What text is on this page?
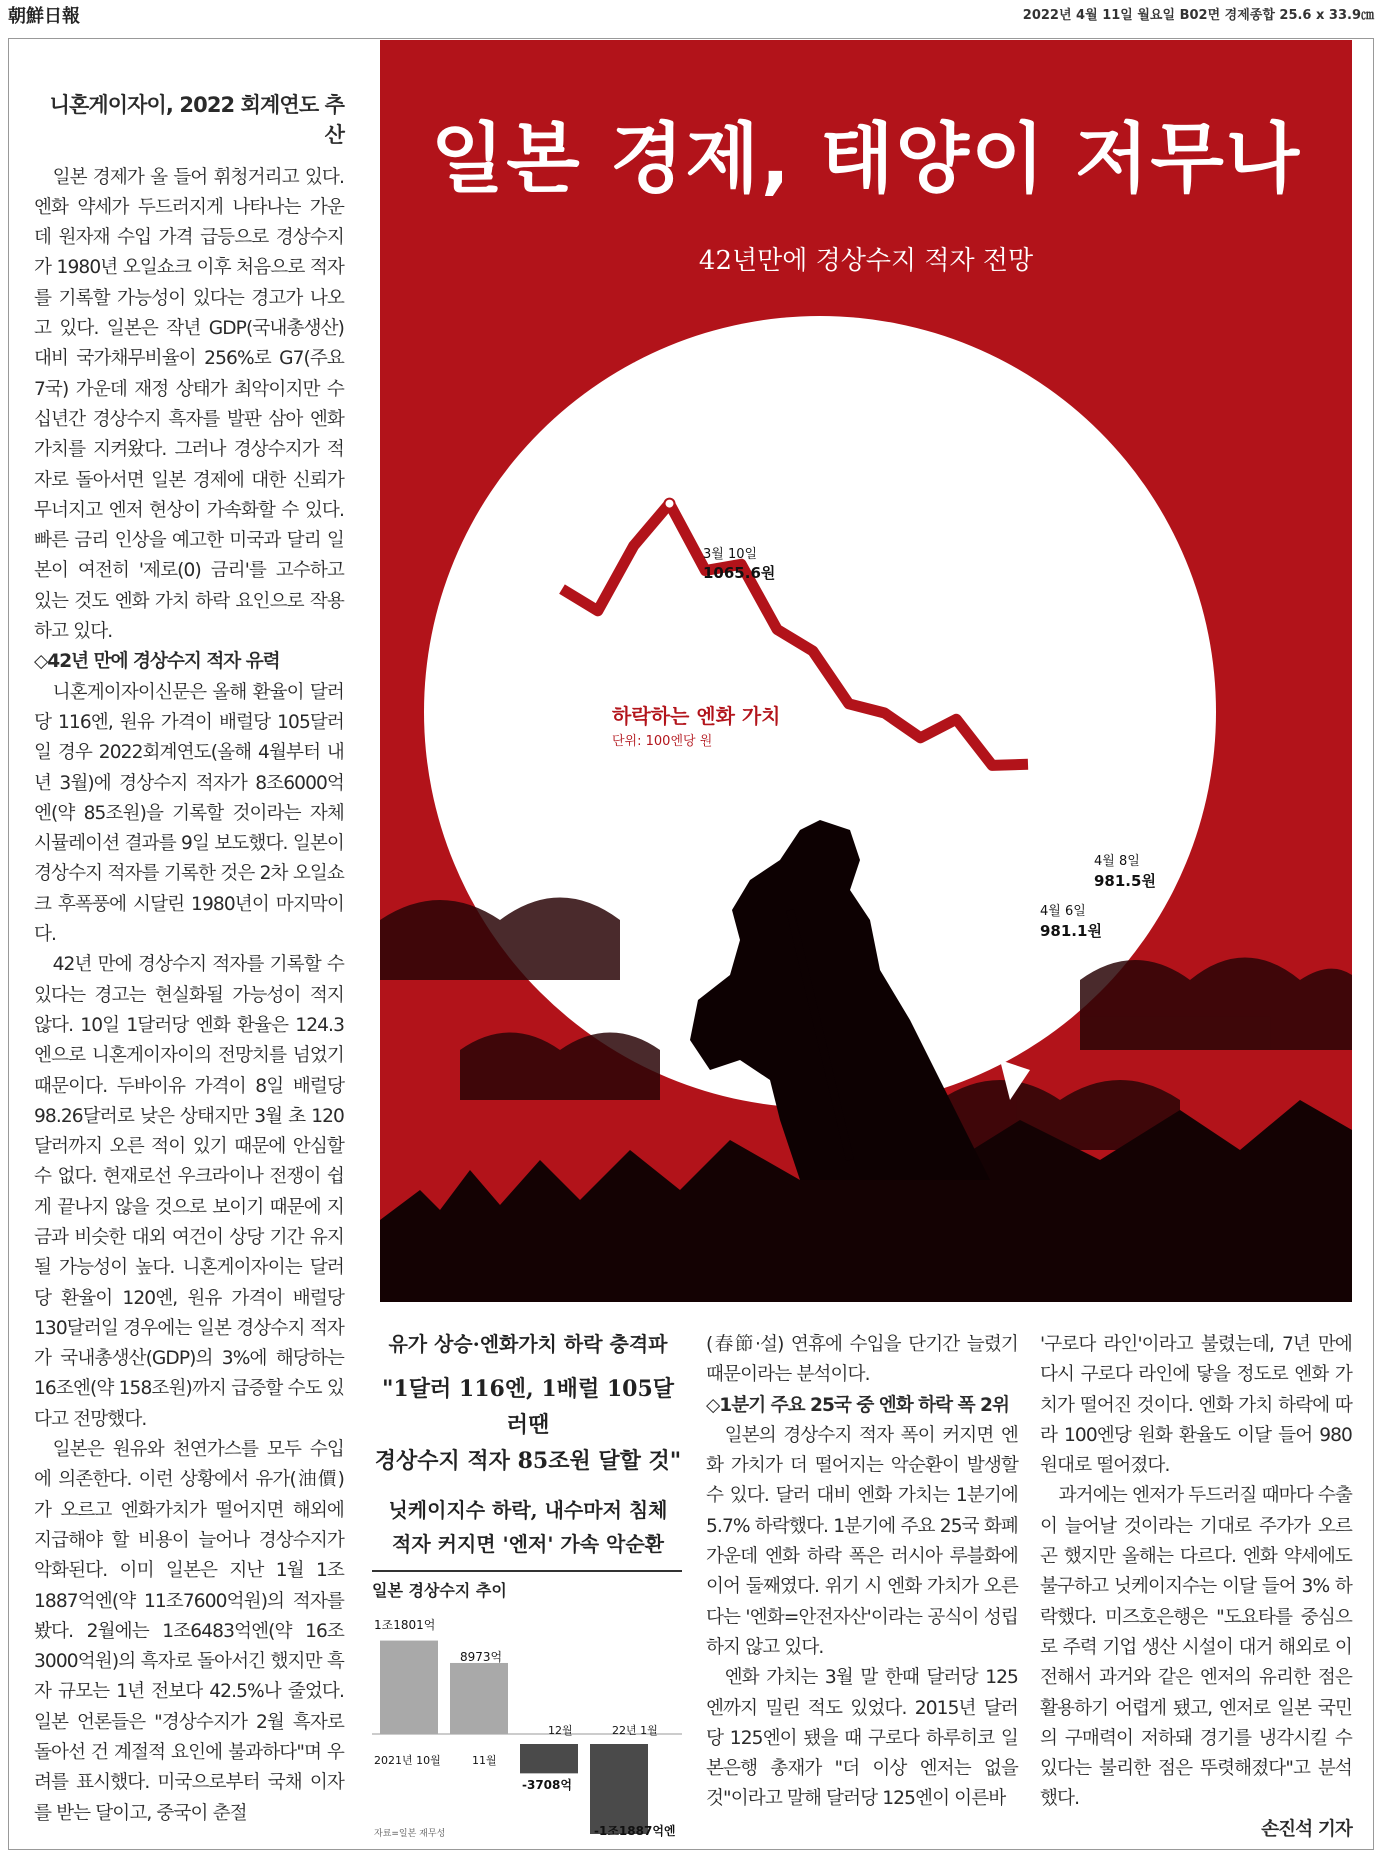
朝鮮日報	2022년 4월 11일 월요일 B02면 경제종합 25.6 x 33.9㎝

니혼게이자이, 2022 회계연도 추산

일본 경제가 올 들어 휘청거리고 있다. 엔화 약세가 두드러지게 나타나는 가운데 원자재 수입 가격 급등으로 경상수지가 1980년 오일쇼크 이후 처음으로 적자를 기록할 가능성이 있다는 경고가 나오고 있다. 일본은 작년 GDP(국내총생산) 대비 국가채무비율이 256%로 G7(주요 7국) 가운데 재정 상태가 최악이지만 수십년간 경상수지 흑자를 발판 삼아 엔화 가치를 지켜왔다. 그러나 경상수지가 적자로 돌아서면 일본 경제에 대한 신뢰가 무너지고 엔저 현상이 가속화할 수 있다. 빠른 금리 인상을 예고한 미국과 달리 일본이 여전히 '제로(0) 금리'를 고수하고 있는 것도 엔화 가치 하락 요인으로 작용하고 있다.

◇42년 만에 경상수지 적자 유력

니혼게이자이신문은 올해 환율이 달러당 116엔, 원유 가격이 배럴당 105달러일 경우 2022회계연도(올해 4월부터 내년 3월)에 경상수지 적자가 8조6000억엔(약 85조원)을 기록할 것이라는 자체 시뮬레이션 결과를 9일 보도했다. 일본이 경상수지 적자를 기록한 것은 2차 오일쇼크 후폭풍에 시달린 1980년이 마지막이다.

42년 만에 경상수지 적자를 기록할 수 있다는 경고는 현실화될 가능성이 적지 않다. 10일 1달러당 엔화 환율은 124.3엔으로 니혼게이자이의 전망치를 넘었기 때문이다. 두바이유 가격이 8일 배럴당 98.26달러로 낮은 상태지만 3월 초 120달러까지 오른 적이 있기 때문에 안심할 수 없다. 현재로선 우크라이나 전쟁이 쉽게 끝나지 않을 것으로 보이기 때문에 지금과 비슷한 대외 여건이 상당 기간 유지될 가능성이 높다. 니혼게이자이는 달러당 환율이 120엔, 원유 가격이 배럴당 130달러일 경우에는 일본 경상수지 적자가 국내총생산(GDP)의 3%에 해당하는 16조엔(약 158조원)까지 급증할 수도 있다고 전망했다.

일본은 원유와 천연가스를 모두 수입에 의존한다. 이런 상황에서 유가(油價)가 오르고 엔화가치가 떨어지면 해외에 지급해야 할 비용이 늘어나 경상수지가 악화된다. 이미 일본은 지난 1월 1조1887억엔(약 11조7600억원)의 적자를 봤다. 2월에는 1조6483억엔(약 16조3000억원)의 흑자로 돌아서긴 했지만 흑자 규모는 1년 전보다 42.5%나 줄었다. 일본 언론들은 "경상수지가 2월 흑자로 돌아선 건 계절적 요인에 불과하다"며 우려를 표시했다. 미국으로부터 국채 이자를 받는 달이고, 중국이 춘절

일본 경제, 태양이 저무나
42년만에 경상수지 적자 전망
하락하는 엔화 가치
단위: 100엔당 원
3월 10일
1065.6원
4월 8일
981.5원
4월 6일
981.1원
유가 상승·엔화가치 하락 충격파
"1달러 116엔, 1배럴 105달러땐
경상수지 적자 85조원 달할 것"
닛케이지수 하락, 내수마저 침체
적자 커지면 '엔저' 가속 악순환
일본 경상수지 추이
1조1801억
8973억
-3708억
-1조1887억엔
2021년 10월	11월
12월	22년 1월
자료=일본 재무성

(春節·설) 연휴에 수입을 단기간 늘렸기 때문이라는 분석이다.

◇1분기 주요 25국 중 엔화 하락 폭 2위

일본의 경상수지 적자 폭이 커지면 엔화 가치가 더 떨어지는 악순환이 발생할 수 있다. 달러 대비 엔화 가치는 1분기에 5.7% 하락했다. 1분기에 주요 25국 화폐 가운데 엔화 하락 폭은 러시아 루블화에 이어 둘째였다. 위기 시 엔화 가치가 오른다는 '엔화=안전자산'이라는 공식이 성립하지 않고 있다.

엔화 가치는 3월 말 한때 달러당 125엔까지 밀린 적도 있었다. 2015년 달러당 125엔이 됐을 때 구로다 하루히코 일본은행 총재가 "더 이상 엔저는 없을 것"이라고 말해 달러당 125엔이 이른바

'구로다 라인'이라고 불렸는데, 7년 만에 다시 구로다 라인에 닿을 정도로 엔화 가치가 떨어진 것이다. 엔화 가치 하락에 따라 100엔당 원화 환율도 이달 들어 980원대로 떨어졌다.

과거에는 엔저가 두드러질 때마다 수출이 늘어날 것이라는 기대로 주가가 오르곤 했지만 올해는 다르다. 엔화 약세에도 불구하고 닛케이지수는 이달 들어 3% 하락했다. 미즈호은행은 "도요타를 중심으로 주력 기업 생산 시설이 대거 해외로 이전해서 과거와 같은 엔저의 유리한 점은 활용하기 어렵게 됐고, 엔저로 일본 국민의 구매력이 저하돼 경기를 냉각시킬 수 있다는 불리한 점은 뚜렷해졌다"고 분석했다.

손진석 기자
